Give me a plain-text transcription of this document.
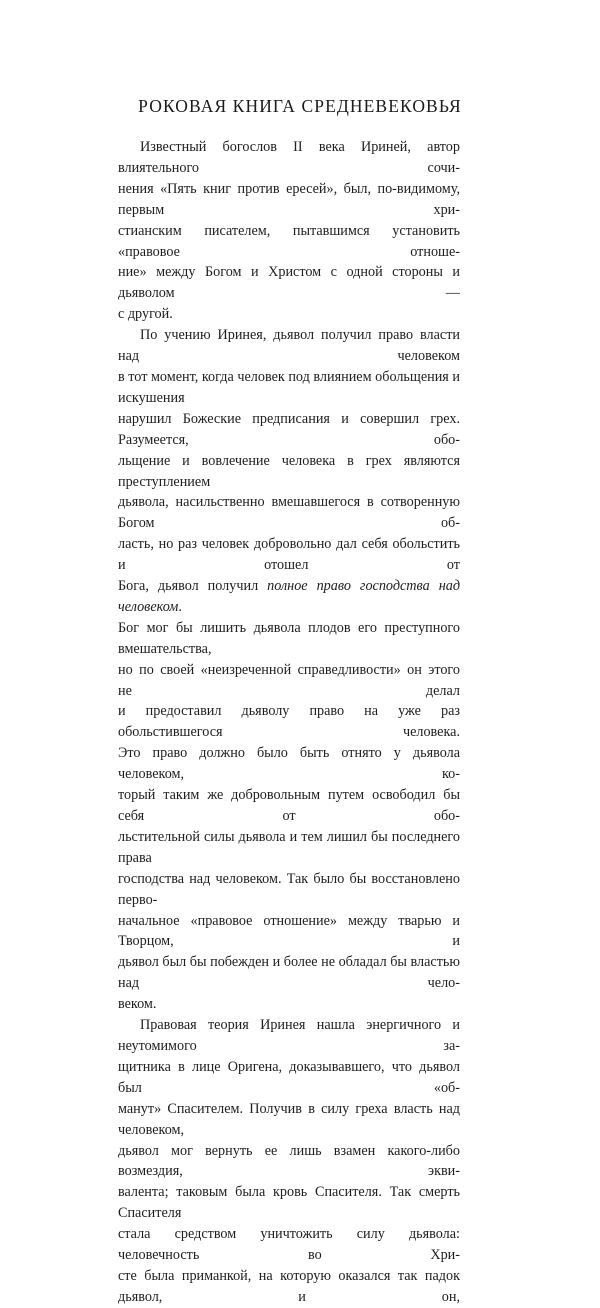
РОКОВАЯ КНИГА СРЕДНЕВЕКОВЬЯ

Известный богослов II века Ириней, автор влиятельного сочи-

нения «Пять книг против ересей», был, по-видимому, первым хри-

стианским писателем, пытавшимся установить «правовое отноше-

ние» между Богом и Христом с одной стороны и дьяволом —

с другой.

По учению Иринея, дьявол получил право власти над человеком

в тот момент, когда человек под влиянием обольщения и искушения

нарушил Божеские предписания и совершил грех. Разумеется, обо-

льщение и вовлечение человека в грех являются преступлением

дьявола, насильственно вмешавшегося в сотворенную Богом об-

ласть, но раз человек добровольно дал себя обольстить и отошел от

Бога, дьявол получил полное право господства над человеком.

Бог мог бы лишить дьявола плодов его преступного вмешательства,

но по своей «неизреченной справедливости» он этого не делал

и предоставил дьяволу право на уже раз обольстившегося человека.

Это право должно было быть отнято у дьявола человеком, ко-

торый таким же добровольным путем освободил бы себя от обо-

льстительной силы дьявола и тем лишил бы последнего права

господства над человеком. Так было бы восстановлено перво-

начальное «правовое отношение» между тварью и Творцом, и

дьявол был бы побежден и более не обладал бы властью над чело-

веком.

Правовая теория Иринея нашла энергичного и неутомимого за-

щитника в лице Оригена, доказывавшего, что дьявол был «об-

манут» Спасителем. Получив в силу греха власть над человеком,

дьявол мог вернуть ее лишь взамен какого-либо возмездия, экви-

валента; таковым была кровь Спасителя. Так смерть Спасителя

стала средством уничтожить силу дьявола: человечность во Хри-

сте была приманкой, на которую оказался так падок дьявол, и он,
